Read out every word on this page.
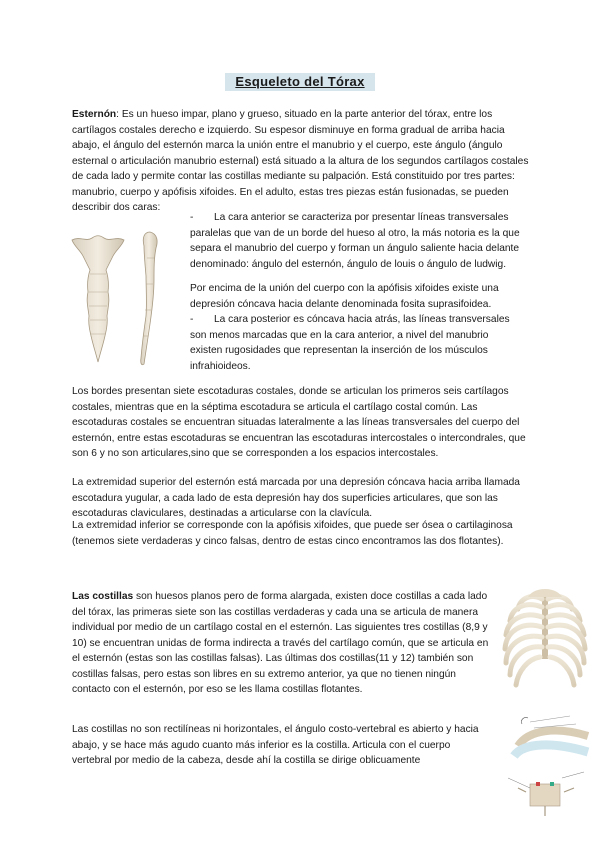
Esqueleto del Tórax

Esternón: Es un hueso impar, plano y grueso, situado en la parte anterior del tórax, entre los cartílagos costales derecho e izquierdo. Su espesor disminuye en forma gradual de arriba hacia abajo, el ángulo del esternón marca la unión entre el manubrio y el cuerpo, este ángulo (ángulo esternal o articulación manubrio esternal) está situado a la altura de los segundos cartílagos costales de cada lado y permite contar las costillas mediante su palpación. Está constituido por tres partes: manubrio, cuerpo y apófisis xifoides. En el adulto, estas tres piezas están fusionadas, se pueden describir dos caras:

- La cara anterior se caracteriza por presentar líneas transversales paralelas que van de un borde del hueso al otro, la más notoria es la que separa el manubrio del cuerpo y forman un ángulo saliente hacia delante denominado: ángulo del esternón, ángulo de louis o ángulo de ludwig.

Por encima de la unión del cuerpo con la apófisis xifoides existe una depresión cóncava hacia delante denominada fosita suprasifoidea.

- La cara posterior es cóncava hacia atrás, las líneas transversales son menos marcadas que en la cara anterior, a nivel del manubrio existen rugosidades que representan la inserción de los músculos infrahioideos.

Los bordes presentan siete escotaduras costales, donde se articulan los primeros seis cartílagos costales, mientras que en la séptima escotadura se articula el cartílago costal común. Las escotaduras costales se encuentran situadas lateralmente a las líneas transversales del cuerpo del esternón, entre estas escotaduras se encuentran las escotaduras intercostales o intercondrales, que son 6 y no son articulares,sino que se corresponden a los espacios intercostales.

La extremidad superior del esternón está marcada por una depresión cóncava hacia arriba llamada escotadura yugular, a cada lado de esta depresión hay dos superficies articulares, que son las escotaduras claviculares, destinadas a articularse con la clavícula.

La extremidad inferior se corresponde con la apófisis xifoides, que puede ser ósea o cartilaginosa (tenemos siete verdaderas y cinco falsas, dentro de estas cinco encontramos las dos flotantes).

Las costillas son huesos planos pero de forma alargada, existen doce costillas a cada lado del tórax, las primeras siete son las costillas verdaderas y cada una se articula de manera individual por medio de un cartílago costal en el esternón. Las siguientes tres costillas (8,9 y 10) se encuentran unidas de forma indirecta a través del cartílago común, que se articula en el esternón (estas son las costillas falsas). Las últimas dos costillas(11 y 12) también son costillas falsas, pero estas son libres en su extremo anterior, ya que no tienen ningún contacto con el esternón, por eso se les llama costillas flotantes.

Las costillas no son rectilíneas ni horizontales, el ángulo costo-vertebral es abierto y hacia abajo, y se hace más agudo cuanto más inferior es la costilla. Articula con el cuerpo vertebral por medio de la cabeza, desde ahí la costilla se dirige oblicuamente
